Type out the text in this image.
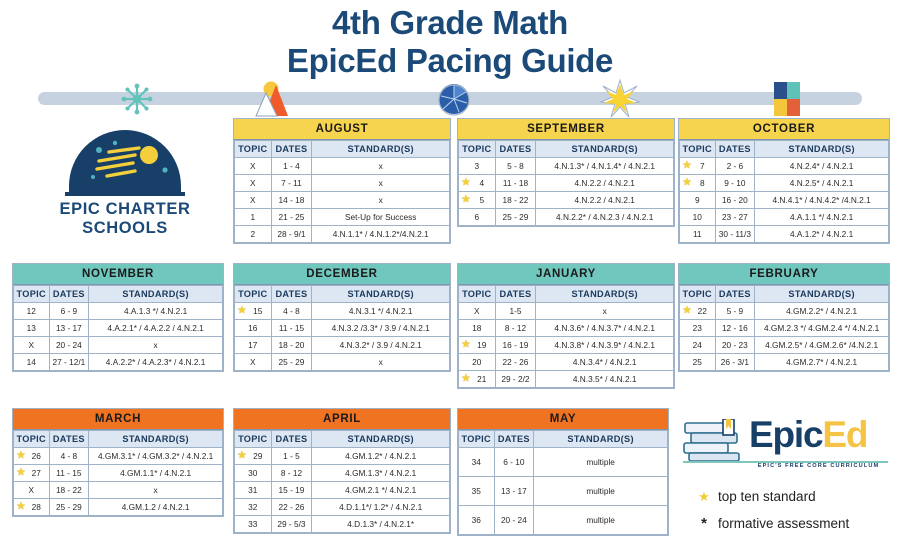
4th Grade Math
EpicEd Pacing Guide
EPIC CHARTER
SCHOOLS
AUGUST
TOPIC	DATES	STANDARD(S)
X	1 - 4	x
X	7 - 11	x
X	14 - 18	x
1	21 - 25	Set-Up for Success
2	28 - 9/1	4.N.1.1* / 4.N.1.2*/4.N.2.1
SEPTEMBER
TOPIC	DATES	STANDARD(S)
3	5 - 8	4.N.1.3* / 4.N.1.4* / 4.N.2.1

★ 4	11 - 18	4.N.2.2 / 4.N.2.1

★ 5	18 - 22	4.N.2.2 / 4.N.2.1
6	25 - 29	4.N.2.2* / 4.N.2.3 / 4.N.2.1
OCTOBER
TOPIC	DATES	STANDARD(S)

★ 7	2 - 6	4.N.2.4* / 4.N.2.1

★ 8	9 - 10	4.N.2.5* / 4.N.2.1
9	16 - 20	4.N.4.1* / 4.N.4.2* /4.N.2.1
10	23 - 27	4.A.1.1 */ 4.N.2.1
11	30 - 11/3	4.A.1.2* / 4.N.2.1
NOVEMBER
TOPIC	DATES	STANDARD(S)
12	6 - 9	4.A.1.3 */ 4.N.2.1
13	13 - 17	4.A.2.1* / 4.A.2.2 / 4.N.2.1
X	20 - 24	x
14	27 - 12/1	4.A.2.2* / 4.A.2.3* / 4.N.2.1
DECEMBER
TOPIC	DATES	STANDARD(S)

★ 15	4 - 8	4.N.3.1 */ 4.N.2.1
16	11 - 15	4.N.3.2 /3.3* / 3.9 / 4.N.2.1
17	18 - 20	4.N.3.2* / 3.9 / 4.N.2.1
X	25 - 29	x
JANUARY
TOPIC	DATES	STANDARD(S)
X	1-5	x
18	8 - 12	4.N.3.6* / 4.N.3.7* / 4.N.2.1

★ 19	16 - 19	4.N.3.8* / 4.N.3.9* / 4.N.2.1
20	22 - 26	4.N.3.4* / 4.N.2.1

★ 21	29 - 2/2	4.N.3.5* / 4.N.2.1
FEBRUARY
TOPIC	DATES	STANDARD(S)

★ 22	5 - 9	4.GM.2.2* / 4.N.2.1
23	12 - 16	4.GM.2.3 */ 4.GM.2.4 */ 4.N.2.1
24	20 - 23	4.GM.2.5* / 4.GM.2.6* /4.N.2.1
25	26 - 3/1	4.GM.2.7* / 4.N.2.1
MARCH
TOPIC	DATES	STANDARD(S)

★ 26	4 - 8	4.GM.3.1* / 4.GM.3.2* / 4.N.2.1

★ 27	11 - 15	4.GM.1.1* / 4.N.2.1
X	18 - 22	x

★ 28	25 - 29	4.GM.1.2 / 4.N.2.1
APRIL
TOPIC	DATES	STANDARD(S)

★ 29	1 - 5	4.GM.1.2* / 4.N.2.1
30	8 - 12	4.GM.1.3* / 4.N.2.1
31	15 - 19	4.GM.2.1 */ 4.N.2.1
32	22 - 26	4.D.1.1*/ 1.2* / 4.N.2.1
33	29 - 5/3	4.D.1.3* / 4.N.2.1*
MAY
TOPIC	DATES	STANDARD(S)
34	6 - 10	multiple
35	13 - 17	multiple
36	20 - 24	multiple
EpicEd
EPIC'S FREE CORE CURRICULUM
★ top ten standard
* formative assessment
